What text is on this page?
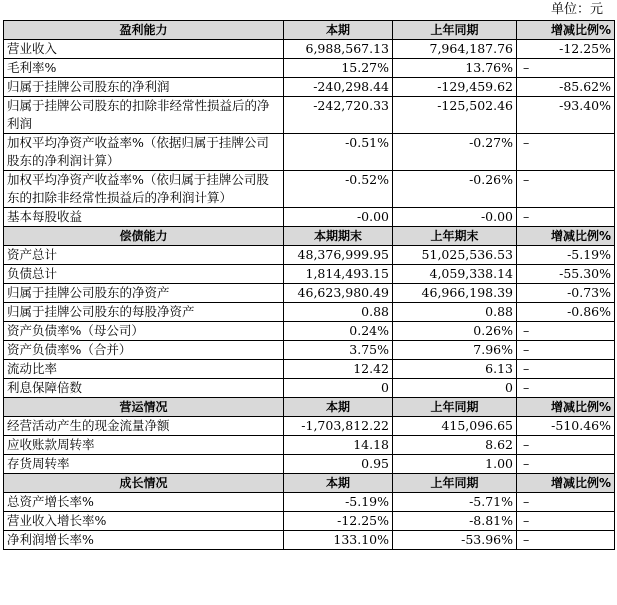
单位：元
盈利能力	本期	上年同期	增减比例%
营业收入	6,988,567.13	7,964,187.76	-12.25%
毛利率%	15.27%	13.76%	–
归属于挂牌公司股东的净利润	-240,298.44	-129,459.62	-85.62%
归属于挂牌公司股东的扣除非经常性损益后的净利润	-242,720.33	-125,502.46	-93.40%
加权平均净资产收益率%（依据归属于挂牌公司股东的净利润计算）	-0.51%	-0.27%	–
加权平均净资产收益率%（依归属于挂牌公司股东的扣除非经常性损益后的净利润计算）	-0.52%	-0.26%	–
基本每股收益	-0.00	-0.00	–
偿债能力	本期期末	上年期末	增减比例%
资产总计	48,376,999.95	51,025,536.53	-5.19%
负债总计	1,814,493.15	4,059,338.14	-55.30%
归属于挂牌公司股东的净资产	46,623,980.49	46,966,198.39	-0.73%
归属于挂牌公司股东的每股净资产	0.88	0.88	-0.86%
资产负债率%（母公司）	0.24%	0.26%	–
资产负债率%（合并）	3.75%	7.96%	–
流动比率	12.42	6.13	–
利息保障倍数	0	0	–
营运情况	本期	上年同期	增减比例%
经营活动产生的现金流量净额	-1,703,812.22	415,096.65	-510.46%
应收账款周转率	14.18	8.62	–
存货周转率	0.95	1.00	–
成长情况	本期	上年同期	增减比例%
总资产增长率%	-5.19%	-5.71%	–
营业收入增长率%	-12.25%	-8.81%	–
净利润增长率%	133.10%	-53.96%	–
